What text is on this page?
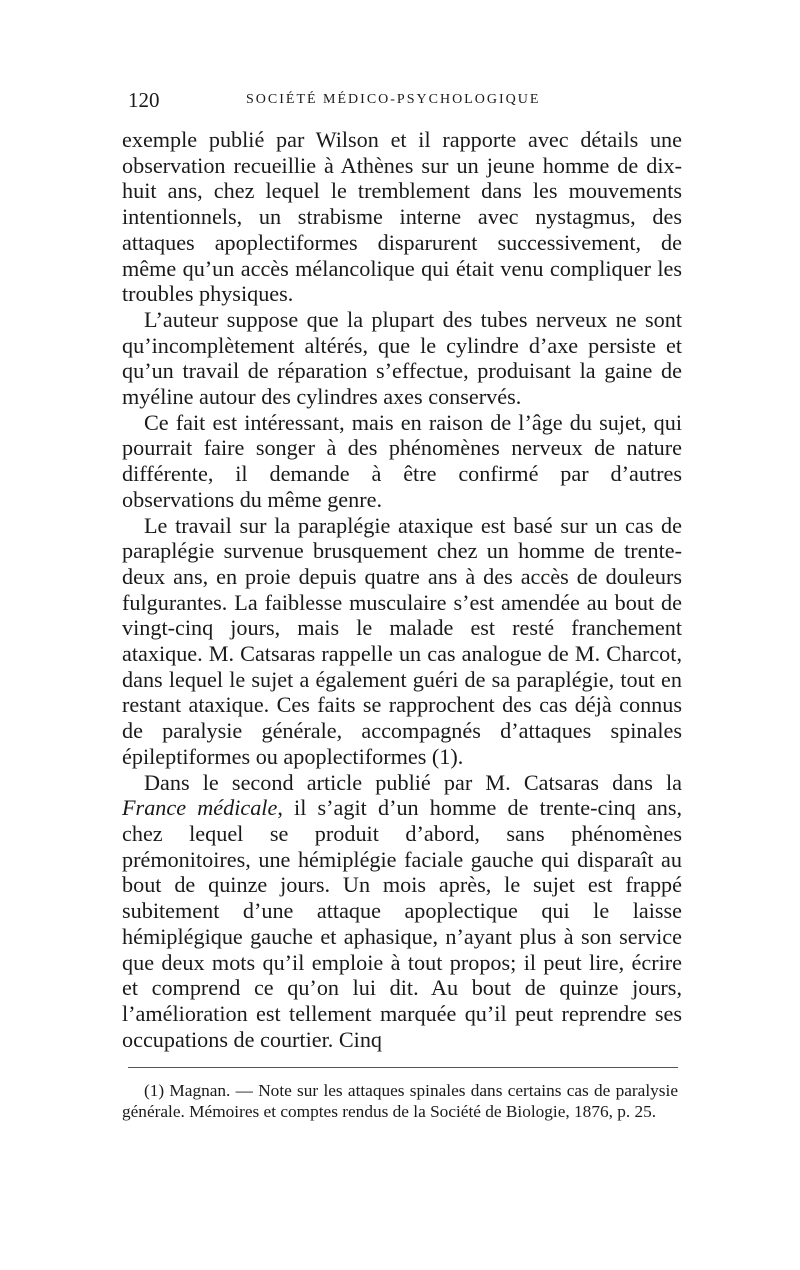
120	SOCIÉTÉ MÉDICO-PSYCHOLOGIQUE

exemple publié par Wilson et il rapporte avec détails une observation recueillie à Athènes sur un jeune homme de dix-huit ans, chez lequel le tremblement dans les mouvements intentionnels, un strabisme interne avec nystagmus, des attaques apoplectiformes disparurent successivement, de même qu’un accès mélancolique qui était venu compliquer les troubles physiques.

L’auteur suppose que la plupart des tubes nerveux ne sont qu’incomplètement altérés, que le cylindre d’axe persiste et qu’un travail de réparation s’effectue, produisant la gaine de myéline autour des cylindres axes conservés.

Ce fait est intéressant, mais en raison de l’âge du sujet, qui pourrait faire songer à des phénomènes nerveux de nature différente, il demande à être confirmé par d’autres observations du même genre.

Le travail sur la paraplégie ataxique est basé sur un cas de paraplégie survenue brusquement chez un homme de trente-deux ans, en proie depuis quatre ans à des accès de douleurs fulgurantes. La faiblesse musculaire s’est amendée au bout de vingt-cinq jours, mais le malade est resté franchement ataxique. M. Catsaras rappelle un cas analogue de M. Charcot, dans lequel le sujet a également guéri de sa paraplégie, tout en restant ataxique. Ces faits se rapprochent des cas déjà connus de paralysie générale, accompagnés d’attaques spinales épileptiformes ou apoplectiformes (1).

Dans le second article publié par M. Catsaras dans la France médicale, il s’agit d’un homme de trente-cinq ans, chez lequel se produit d’abord, sans phénomènes prémonitoires, une hémiplégie faciale gauche qui disparaît au bout de quinze jours. Un mois après, le sujet est frappé subitement d’une attaque apoplectique qui le laisse hémiplégique gauche et aphasique, n’ayant plus à son service que deux mots qu’il emploie à tout propos; il peut lire, écrire et comprend ce qu’on lui dit. Au bout de quinze jours, l’amélioration est tellement marquée qu’il peut reprendre ses occupations de courtier. Cinq

(1) Magnan. — Note sur les attaques spinales dans certains cas de paralysie générale. Mémoires et comptes rendus de la Société de Biologie, 1876, p. 25.
